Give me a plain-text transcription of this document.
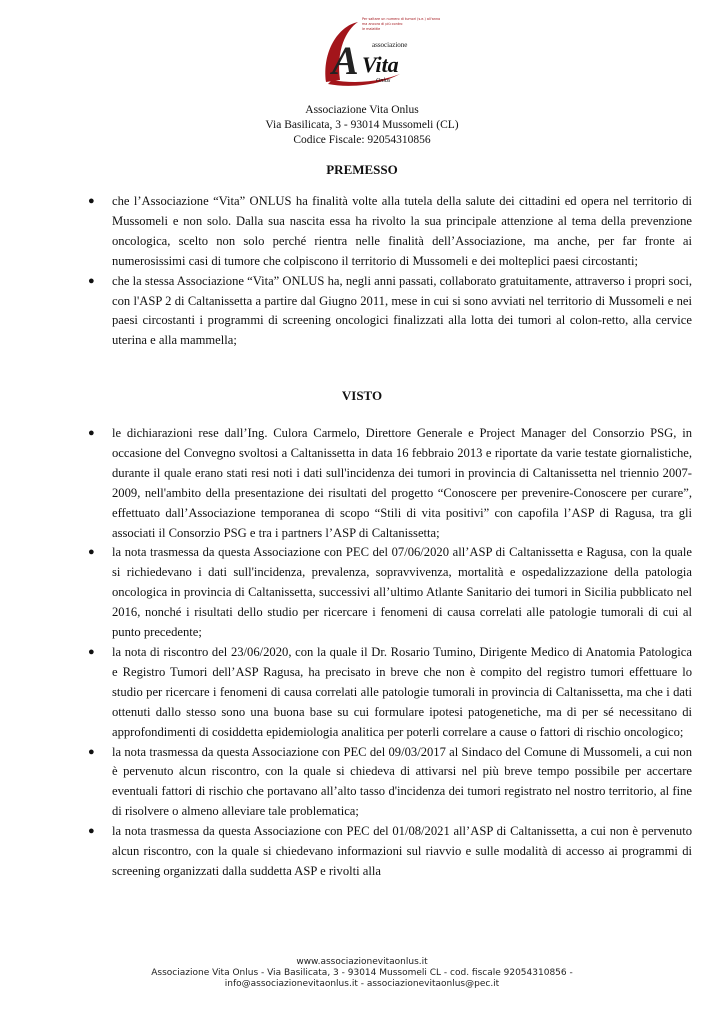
Per saltare un numero di tumori (s.e.) all'anno
ma ancora di più contro
le malattie
associazione
A Vita
Onlus
Associazione Vita Onlus
Via Basilicata, 3 - 93014 Mussomeli (CL)
Codice Fiscale: 92054310856
PREMESSO
● che l’Associazione “Vita” ONLUS ha finalità volte alla tutela della salute dei cittadini ed opera nel territorio di Mussomeli e non solo. Dalla sua nascita essa ha rivolto la sua principale attenzione al tema della prevenzione oncologica, scelto non solo perché rientra nelle finalità dell’Associazione, ma anche, per far fronte ai numerosissimi casi di tumore che colpiscono il territorio di Mussomeli e dei molteplici paesi circostanti;
● che la stessa Associazione “Vita” ONLUS ha, negli anni passati, collaborato gratuitamente, attraverso i propri soci, con l'ASP 2 di Caltanissetta a partire dal Giugno 2011, mese in cui si sono avviati nel territorio di Mussomeli e nei paesi circostanti i programmi di screening oncologici finalizzati alla lotta dei tumori al colon-retto, alla cervice uterina e alla mammella;
VISTO
● le dichiarazioni rese dall’Ing. Culora Carmelo, Direttore Generale e Project Manager del Consorzio PSG, in occasione del Convegno svoltosi a Caltanissetta in data 16 febbraio 2013 e riportate da varie testate giornalistiche, durante il quale erano stati resi noti i dati sull'incidenza dei tumori in provincia di Caltanissetta nel triennio 2007-2009, nell'ambito della presentazione dei risultati del progetto “Conoscere per prevenire-Conoscere per curare”, effettuato dall’Associazione temporanea di scopo “Stili di vita positivi” con capofila l’ASP di Ragusa, tra gli associati il Consorzio PSG e tra i partners l’ASP di Caltanissetta;
● la nota trasmessa da questa Associazione con PEC del 07/06/2020 all’ASP di Caltanissetta e Ragusa, con la quale si richiedevano i dati sull'incidenza, prevalenza, sopravvivenza, mortalità e ospedalizzazione della patologia oncologica in provincia di Caltanissetta, successivi all’ultimo Atlante Sanitario dei tumori in Sicilia pubblicato nel 2016, nonché i risultati dello studio per ricercare i fenomeni di causa correlati alle patologie tumorali di cui al punto precedente;
● la nota di riscontro del 23/06/2020, con la quale il Dr. Rosario Tumino, Dirigente Medico di Anatomia Patologica e Registro Tumori dell’ASP Ragusa, ha precisato in breve che non è compito del registro tumori effettuare lo studio per ricercare i fenomeni di causa correlati alle patologie tumorali in provincia di Caltanissetta, ma che i dati ottenuti dallo stesso sono una buona base su cui formulare ipotesi patogenetiche, ma di per sé necessitano di approfondimenti di cosiddetta epidemiologia analitica per poterli correlare a cause o fattori di rischio oncologico;
● la nota trasmessa da questa Associazione con PEC del 09/03/2017 al Sindaco del Comune di Mussomeli, a cui non è pervenuto alcun riscontro, con la quale si chiedeva di attivarsi nel più breve tempo possibile per accertare eventuali fattori di rischio che portavano all’alto tasso d'incidenza dei tumori registrato nel nostro territorio, al fine di risolvere o almeno alleviare tale problematica;
● la nota trasmessa da questa Associazione con PEC del 01/08/2021 all’ASP di Caltanissetta, a cui non è pervenuto alcun riscontro, con la quale si chiedevano informazioni sul riavvio e sulle modalità di accesso ai programmi di screening organizzati dalla suddetta ASP e rivolti alla
www.associazionevitaonlus.it
Associazione Vita Onlus - Via Basilicata, 3 - 93014 Mussomeli CL - cod. fiscale 92054310856 -
info@associazionevitaonlus.it - associazionevitaonlus@pec.it
